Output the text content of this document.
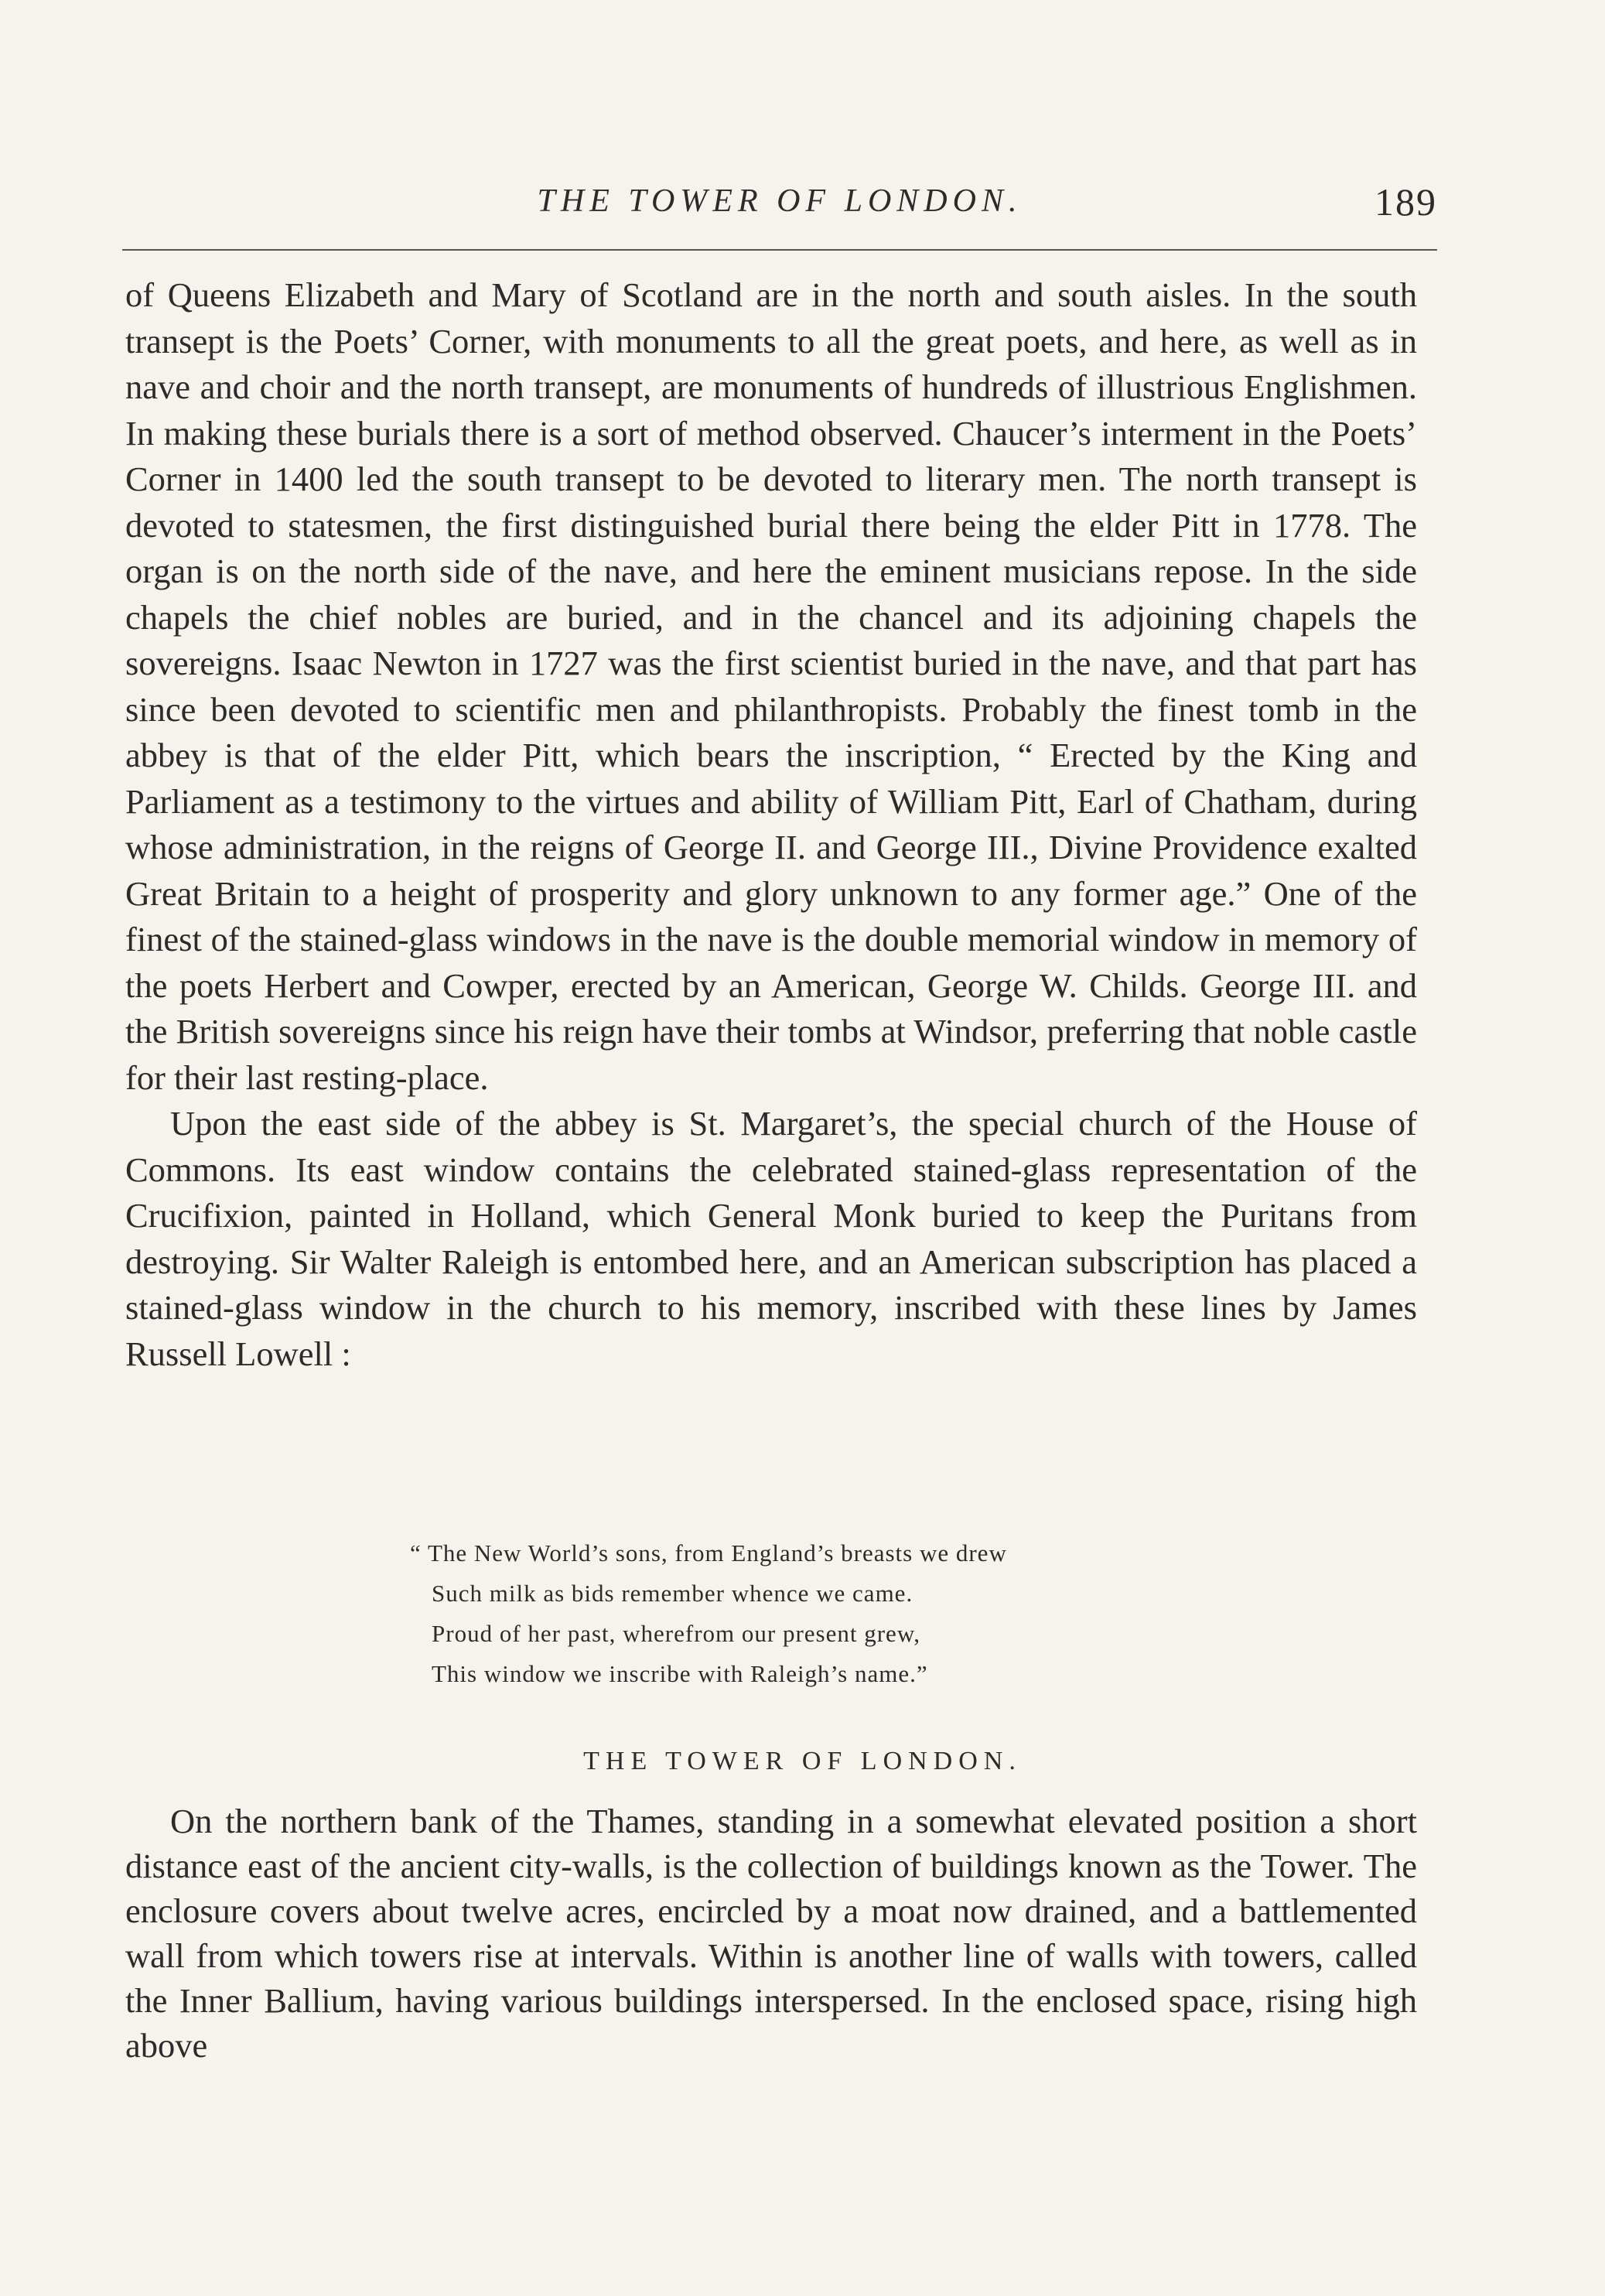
THE TOWER OF LONDON.	189

of Queens Elizabeth and Mary of Scotland are in the north and south aisles. In the south transept is the Poets’ Corner, with monuments to all the great poets, and here, as well as in nave and choir and the north transept, are monuments of hundreds of illustrious Englishmen. In making these burials there is a sort of method observed. Chaucer’s interment in the Poets’ Corner in 1400 led the south transept to be devoted to literary men. The north transept is devoted to statesmen, the first distinguished burial there being the elder Pitt in 1778. The organ is on the north side of the nave, and here the eminent musicians repose. In the side chapels the chief nobles are buried, and in the chancel and its adjoining chapels the sovereigns. Isaac Newton in 1727 was the first scientist buried in the nave, and that part has since been devoted to scientific men and philanthropists. Probably the finest tomb in the abbey is that of the elder Pitt, which bears the inscription, “ Erected by the King and Parliament as a testimony to the virtues and ability of William Pitt, Earl of Chatham, during whose administration, in the reigns of George II. and George III., Divine Providence exalted Great Britain to a height of prosperity and glory unknown to any former age.” One of the finest of the stained-glass windows in the nave is the double memorial window in memory of the poets Herbert and Cowper, erected by an American, George W. Childs. George III. and the British sovereigns since his reign have their tombs at Windsor, preferring that noble castle for their last resting-place.

Upon the east side of the abbey is St. Margaret’s, the special church of the House of Commons. Its east window contains the celebrated stained-glass representation of the Crucifixion, painted in Holland, which General Monk buried to keep the Puritans from destroying. Sir Walter Raleigh is entombed here, and an American subscription has placed a stained-glass window in the church to his memory, inscribed with these lines by James Russell Lowell :

“ The New World’s sons, from England’s breasts we drew
Such milk as bids remember whence we came.
Proud of her past, wherefrom our present grew,
This window we inscribe with Raleigh’s name.”
THE TOWER OF LONDON.

On the northern bank of the Thames, standing in a somewhat elevated position a short distance east of the ancient city-walls, is the collection of buildings known as the Tower. The enclosure covers about twelve acres, encircled by a moat now drained, and a battlemented wall from which towers rise at intervals. Within is another line of walls with towers, called the Inner Ballium, having various buildings interspersed. In the enclosed space, rising high above
